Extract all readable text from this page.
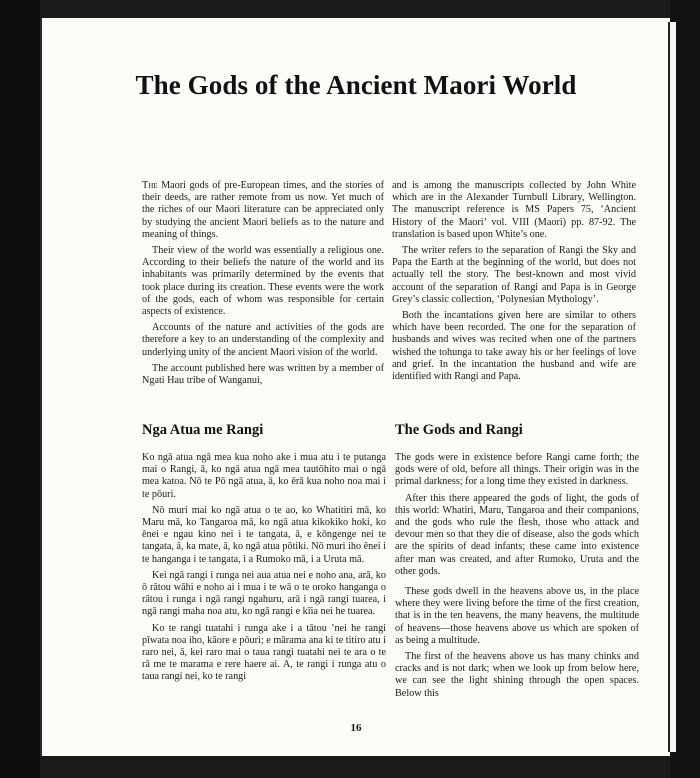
The Gods of the Ancient Maori World

The Maori gods of pre-European times, and the stories of their deeds, are rather remote from us now. Yet much of the riches of our Maori literature can be appreciated only by studying the ancient Maori beliefs as to the nature and meaning of things.

Their view of the world was essentially a religious one. According to their beliefs the nature of the world and its inhabitants was primarily determined by the events that took place during its creation. These events were the work of the gods, each of whom was responsible for certain aspects of existence.

Accounts of the nature and activities of the gods are therefore a key to an understanding of the complexity and underlying unity of the ancient Maori vision of the world.

The account published here was written by a member of Ngati Hau tribe of Wanganui,

and is among the manuscripts collected by John White which are in the Alexander Turnbull Library, Wellington. The manuscript reference is MS Papers 75, ‘Ancient History of the Maori’ vol. VIII (Maori) pp. 87-92. The translation is based upon White’s one.

The writer refers to the separation of Rangi the Sky and Papa the Earth at the beginning of the world, but does not actually tell the story. The best-known and most vivid account of the separation of Rangi and Papa is in George Grey’s classic collection, ‘Polynesian Mythology’.

Both the incantations given here are similar to others which have been recorded. The one for the separation of husbands and wives was recited when one of the partners wished the tohunga to take away his or her feelings of love and grief. In the incantation the husband and wife are identified with Rangi and Papa.

Nga Atua me Rangi	The Gods and Rangi

Ko ngā atua ngā mea kua noho ake i mua atu i te putanga mai o Rangi, ā, ko ngā atua ngā mea tautōhito mai o ngā mea katoa. Nō te Pō ngā atua, ā, ko ērā kua noho noa mai i te pōuri.

Nō muri mai ko ngā atua o te ao, ko Whatitiri mā, ko Maru mā, ko Tangaroa mā, ko ngā atua kikokiko hoki, ko ēnei e ngau kino nei i te tangata, ā, e kōngenge nei te tangata, ā, ka mate, ā, ko ngā atua pōtiki. Nō muri iho ēnei i te hanganga i te tangata, i a Rumoko mā, i a Uruta mā.

Kei ngā rangi i runga nei aua atua nei e noho ana, arā, ko ō rātou wāhi e noho ai i mua i te wā o te oroko hanganga o rātou i runga i ngā rangi ngahuru, arā i ngā rangi tuarea, i ngā rangi maha noa atu, ko ngā rangi e kīia nei he tuarea.

Ko te rangi tuatahi i runga ake i a tātou ’nei he rangi pīwata noa iho, kāore e pōuri; e mārama ana ki te titiro atu i raro nei, ā, kei raro mai o taua rangi tuatahi nei te ara o te rā me te marama e rere haere ai. A, te rangi i runga atu o taua rangi nei, ko te rangi

The gods were in existence before Rangi came forth; the gods were of old, before all things. Their origin was in the primal darkness; for a long time they existed in darkness.

After this there appeared the gods of light, the gods of this world: Whatiri, Maru, Tangaroa and their companions, and the gods who rule the flesh, those who attack and devour men so that they die of disease, also the gods which are the spirits of dead infants; these came into existence after man was created, and after Rumoko, Uruta and the other gods.

These gods dwell in the heavens above us, in the place where they were living before the time of the first creation, that is in the ten heavens, the many heavens, the multitude of heavens—those heavens above us which are spoken of as being a multitude.

The first of the heavens above us has many chinks and cracks and is not dark; when we look up from below here, we can see the light shining through the open spaces. Below this

16
